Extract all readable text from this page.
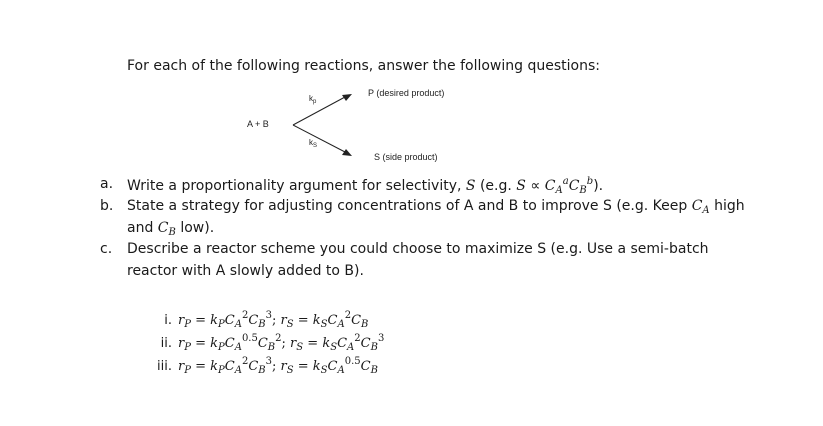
For each of the following reactions, answer the following questions:
A + B
$k_p$
$k_S$
P (desired product)
S (side product)
a. Write a proportionality argument for selectivity, S (e.g. $S \propto C_A^aC_B^b$).
b. State a strategy for adjusting concentrations of A and B to improve S (e.g. Keep $C_A$ high
and $C_B$ low).
c. Describe a reactor scheme you could choose to maximize S (e.g. Use a semi-batch
reactor with A slowly added to B).
i. $r_P = k_PC_A^2C_B^3$; $r_S = k_SC_A^2C_B$
ii. $r_P = k_PC_A^{0.5}C_B^2$; $r_S = k_SC_A^2C_B^3$
iii. $r_P = k_PC_A^2C_B^3$; $r_S = k_SC_A^{0.5}C_B$
